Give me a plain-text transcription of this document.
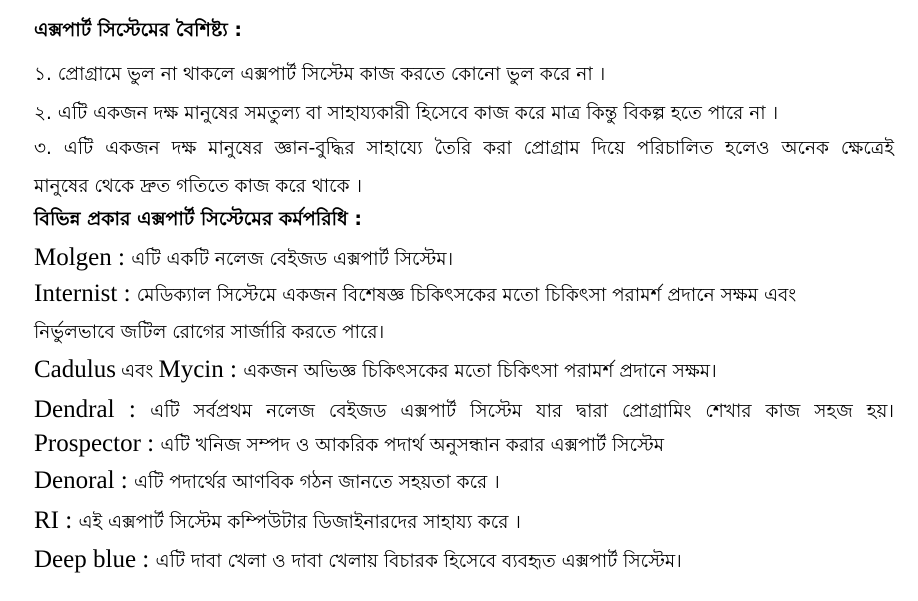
এক্সপার্ট সিস্টেমের বৈশিষ্ট্য :
১. প্রোগ্রামে ভুল না থাকলে এক্সপার্ট সিস্টেম কাজ করতে কোনো ভুল করে না ।
২. এটি একজন দক্ষ মানুষের সমতুল্য বা সাহায্যকারী হিসেবে কাজ করে মাত্র কিন্তু বিকল্প হতে পারে না ।
৩. এটি একজন দক্ষ মানুষের জ্ঞান-বুদ্ধির সাহায্যে তৈরি করা প্রোগ্রাম দিয়ে পরিচালিত হলেও অনেক ক্ষেত্রেই
মানুষের থেকে দ্রুত গতিতে কাজ করে থাকে ।
বিভিন্ন প্রকার এক্সপার্ট সিস্টেমের কর্মপরিধি :
Molgen : এটি একটি নলেজ বেইজড এক্সপার্ট সিস্টেম।
Internist : মেডিক্যাল সিস্টেমে একজন বিশেষজ্ঞ চিকিৎসকের মতো চিকিৎসা পরামর্শ প্রদানে সক্ষম এবং
নির্ভুলভাবে জটিল রোগের সার্জারি করতে পারে।
Cadulus এবং Mycin : একজন অভিজ্ঞ চিকিৎসকের মতো চিকিৎসা পরামর্শ প্রদানে সক্ষম।
Dendral : এটি সর্বপ্রথম নলেজ বেইজড এক্সপার্ট সিস্টেম যার দ্বারা প্রোগ্রামিং শেখার কাজ সহজ হয়।
Prospector : এটি খনিজ সম্পদ ও আকরিক পদার্থ অনুসন্ধান করার এক্সপার্ট সিস্টেম
Denoral : এটি পদার্থের আণবিক গঠন জানতে সহয়তা করে ।
RI : এই এক্সপার্ট সিস্টেম কম্পিউটার ডিজাইনারদের সাহায্য করে ।
Deep blue : এটি দাবা খেলা ও দাবা খেলায় বিচারক হিসেবে ব্যবহৃত এক্সপার্ট সিস্টেম।
